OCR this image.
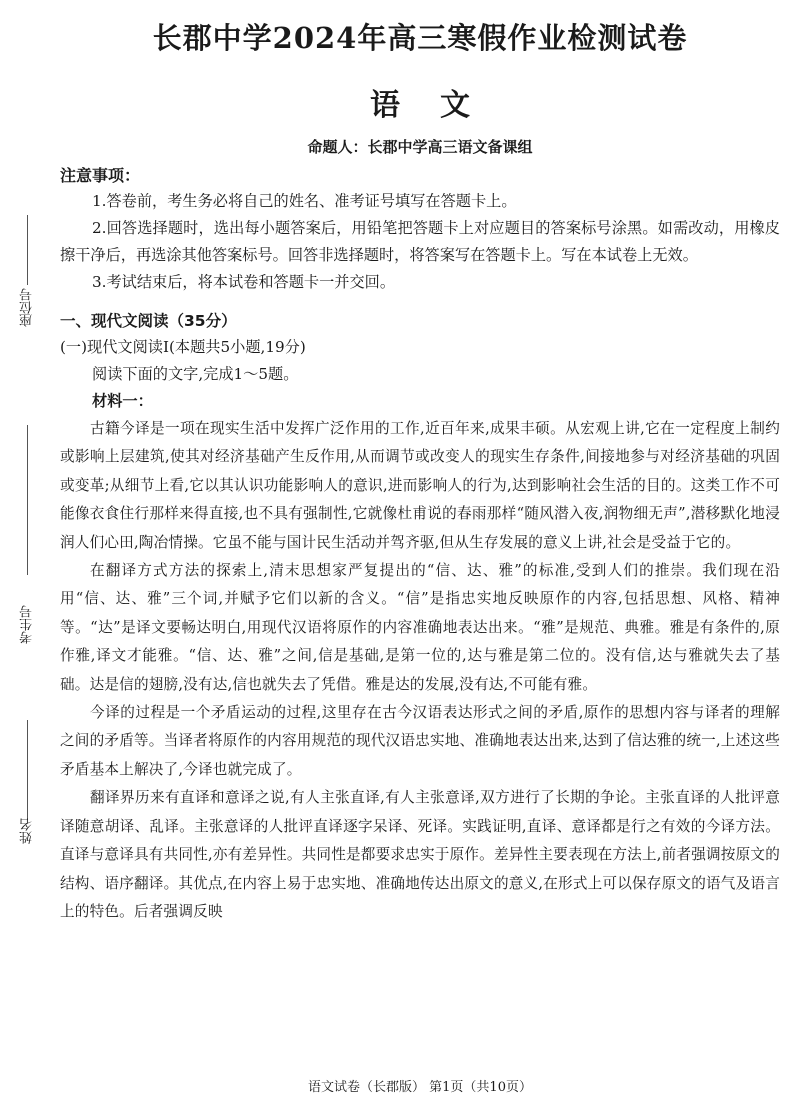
座位号
考生号
姓名
长郡中学2024年高三寒假作业检测试卷
语文
命题人：长郡中学高三语文备课组
注意事项：

1.答卷前，考生务必将自己的姓名、准考证号填写在答题卡上。

2.回答选择题时，选出每小题答案后，用铅笔把答题卡上对应题目的答案标号涂黑。如需改动，用橡皮擦干净后，再选涂其他答案标号。回答非选择题时，将答案写在答题卡上。写在本试卷上无效。

3.考试结束后，将本试卷和答题卡一并交回。

一、现代文阅读（35分）

(一)现代文阅读Ⅰ(本题共5小题,19分)

阅读下面的文字,完成1～5题。

材料一：

古籍今译是一项在现实生活中发挥广泛作用的工作,近百年来,成果丰硕。从宏观上讲,它在一定程度上制约或影响上层建筑,使其对经济基础产生反作用,从而调节或改变人的现实生存条件,间接地参与对经济基础的巩固或变革;从细节上看,它以其认识功能影响人的意识,进而影响人的行为,达到影响社会生活的目的。这类工作不可能像衣食住行那样来得直接,也不具有强制性,它就像杜甫说的春雨那样“随风潜入夜,润物细无声”,潜移默化地浸润人们心田,陶冶情操。它虽不能与国计民生活动并驾齐驱,但从生存发展的意义上讲,社会是受益于它的。

在翻译方式方法的探索上,清末思想家严复提出的“信、达、雅”的标准,受到人们的推崇。我们现在沿用“信、达、雅”三个词,并赋予它们以新的含义。“信”是指忠实地反映原作的内容,包括思想、风格、精神等。“达”是译文要畅达明白,用现代汉语将原作的内容准确地表达出来。“雅”是规范、典雅。雅是有条件的,原作雅,译文才能雅。“信、达、雅”之间,信是基础,是第一位的,达与雅是第二位的。没有信,达与雅就失去了基础。达是信的翅膀,没有达,信也就失去了凭借。雅是达的发展,没有达,不可能有雅。

今译的过程是一个矛盾运动的过程,这里存在古今汉语表达形式之间的矛盾,原作的思想内容与译者的理解之间的矛盾等。当译者将原作的内容用规范的现代汉语忠实地、准确地表达出来,达到了信达雅的统一,上述这些矛盾基本上解决了,今译也就完成了。

翻译界历来有直译和意译之说,有人主张直译,有人主张意译,双方进行了长期的争论。主张直译的人批评意译随意胡译、乱译。主张意译的人批评直译逐字呆译、死译。实践证明,直译、意译都是行之有效的今译方法。直译与意译具有共同性,亦有差异性。共同性是都要求忠实于原作。差异性主要表现在方法上,前者强调按原文的结构、语序翻译。其优点,在内容上易于忠实地、准确地传达出原文的意义,在形式上可以保存原文的语气及语言上的特色。后者强调反映

语文试卷（长郡版） 第1页（共10页）
